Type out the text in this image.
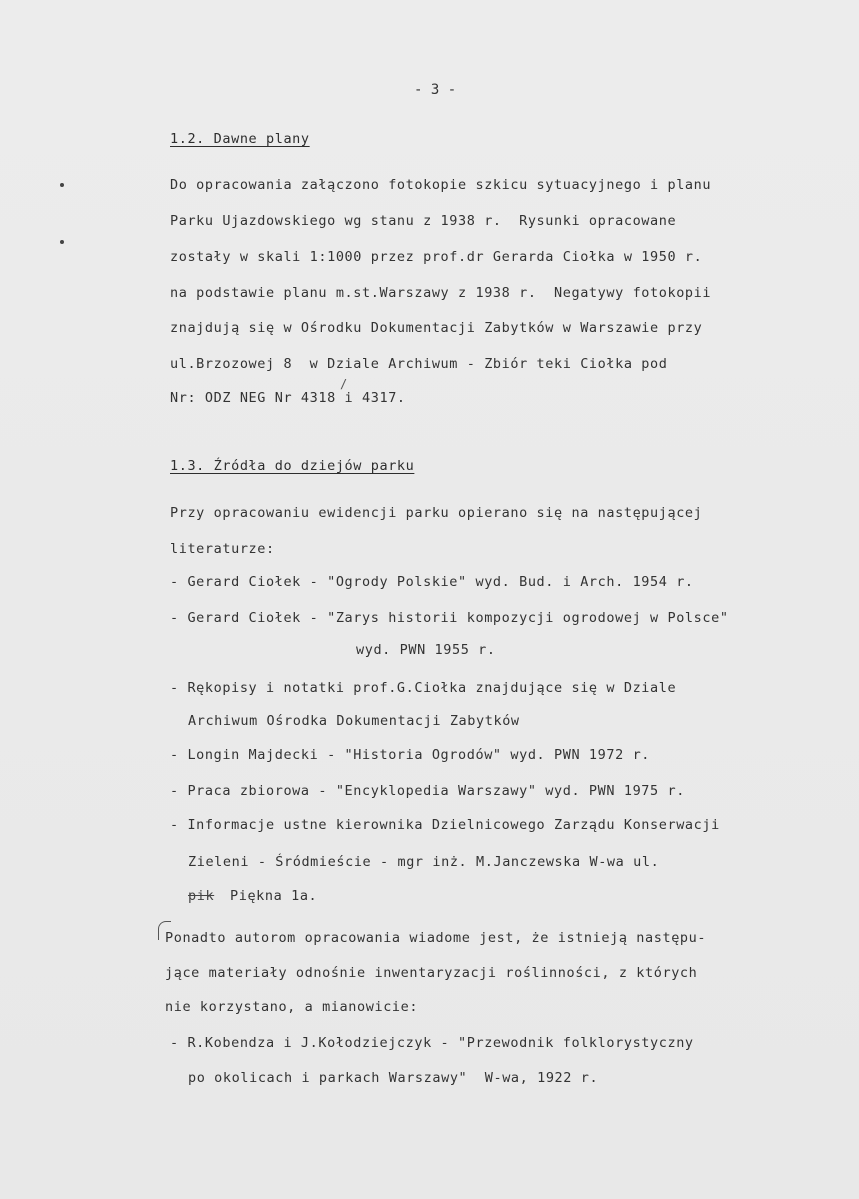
- 3 -
1.2. Dawne plany
Do opracowania załączono fotokopie szkicu sytuacyjnego i planu
Parku Ujazdowskiego wg stanu z 1938 r.  Rysunki opracowane
zostały w skali 1:1000 przez prof.dr Gerarda Ciołka w 1950 r.
na podstawie planu m.st.Warszawy z 1938 r.  Negatywy fotokopii
znajdują się w Ośrodku Dokumentacji Zabytków w Warszawie przy
ul.Brzozowej 8  w Dziale Archiwum - Zbiór teki Ciołka pod
/
Nr: ODZ NEG Nr 4318 i 4317.
1.3. Źródła do dziejów parku
Przy opracowaniu ewidencji parku opierano się na następującej
literaturze:
- Gerard Ciołek - "Ogrody Polskie" wyd. Bud. i Arch. 1954 r.
- Gerard Ciołek - "Zarys historii kompozycji ogrodowej w Polsce"
wyd. PWN 1955 r.
- Rękopisy i notatki prof.G.Ciołka znajdujące się w Dziale
Archiwum Ośrodka Dokumentacji Zabytków
- Longin Majdecki - "Historia Ogrodów" wyd. PWN 1972 r.
- Praca zbiorowa - "Encyklopedia Warszawy" wyd. PWN 1975 r.
- Informacje ustne kierownika Dzielnicowego Zarządu Konserwacji
Zieleni - Śródmieście - mgr inż. M.Janczewska W-wa ul.
pik Piękna 1a.
Ponadto autorom opracowania wiadome jest, że istnieją następu-
jące materiały odnośnie inwentaryzacji roślinności, z których
nie korzystano, a mianowicie:
- R.Kobendza i J.Kołodziejczyk - "Przewodnik folklorystyczny
po okolicach i parkach Warszawy"  W-wa, 1922 r.
